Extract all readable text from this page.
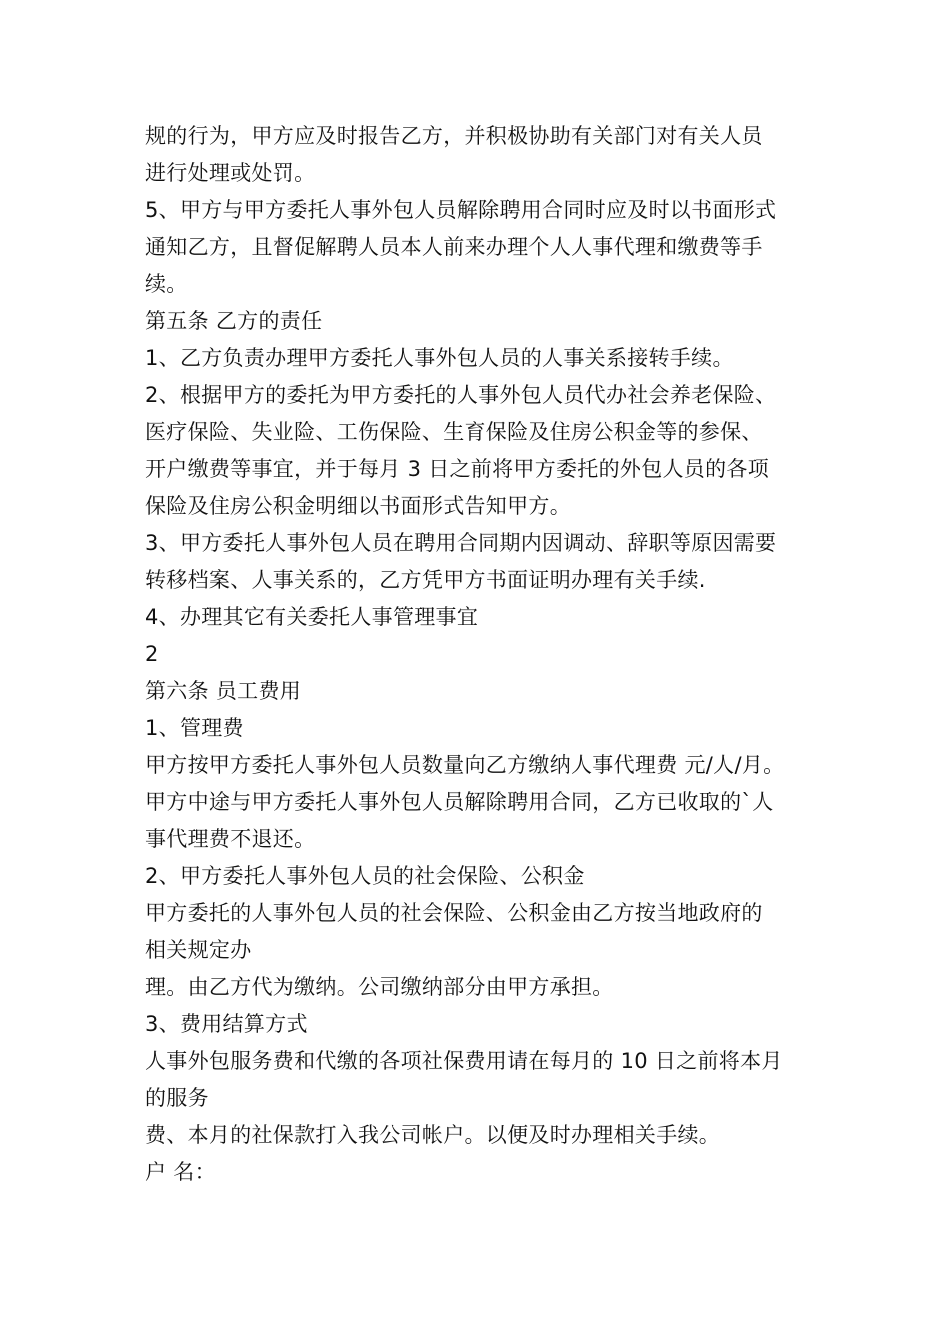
规的行为，甲方应及时报告乙方，并积极协助有关部门对有关人员
进行处理或处罚。
5、甲方与甲方委托人事外包人员解除聘用合同时应及时以书面形式
通知乙方，且督促解聘人员本人前来办理个人人事代理和缴费等手
续。
第五条 乙方的责任
1、乙方负责办理甲方委托人事外包人员的人事关系接转手续。
2、根据甲方的委托为甲方委托的人事外包人员代办社会养老保险、
医疗保险、失业险、工伤保险、生育保险及住房公积金等的参保、
开户缴费等事宜，并于每月 3 日之前将甲方委托的外包人员的各项
保险及住房公积金明细以书面形式告知甲方。
3、甲方委托人事外包人员在聘用合同期内因调动、辞职等原因需要
转移档案、人事关系的，乙方凭甲方书面证明办理有关手续.
4、办理其它有关委托人事管理事宜
2
第六条 员工费用
1、管理费
甲方按甲方委托人事外包人员数量向乙方缴纳人事代理费 元/人/月。
甲方中途与甲方委托人事外包人员解除聘用合同，乙方已收取的`人
事代理费不退还。
2、甲方委托人事外包人员的社会保险、公积金
甲方委托的人事外包人员的社会保险、公积金由乙方按当地政府的
相关规定办
理。由乙方代为缴纳。公司缴纳部分由甲方承担。
3、费用结算方式
人事外包服务费和代缴的各项社保费用请在每月的 10 日之前将本月
的服务
费、本月的社保款打入我公司帐户。以便及时办理相关手续。
户 名：
